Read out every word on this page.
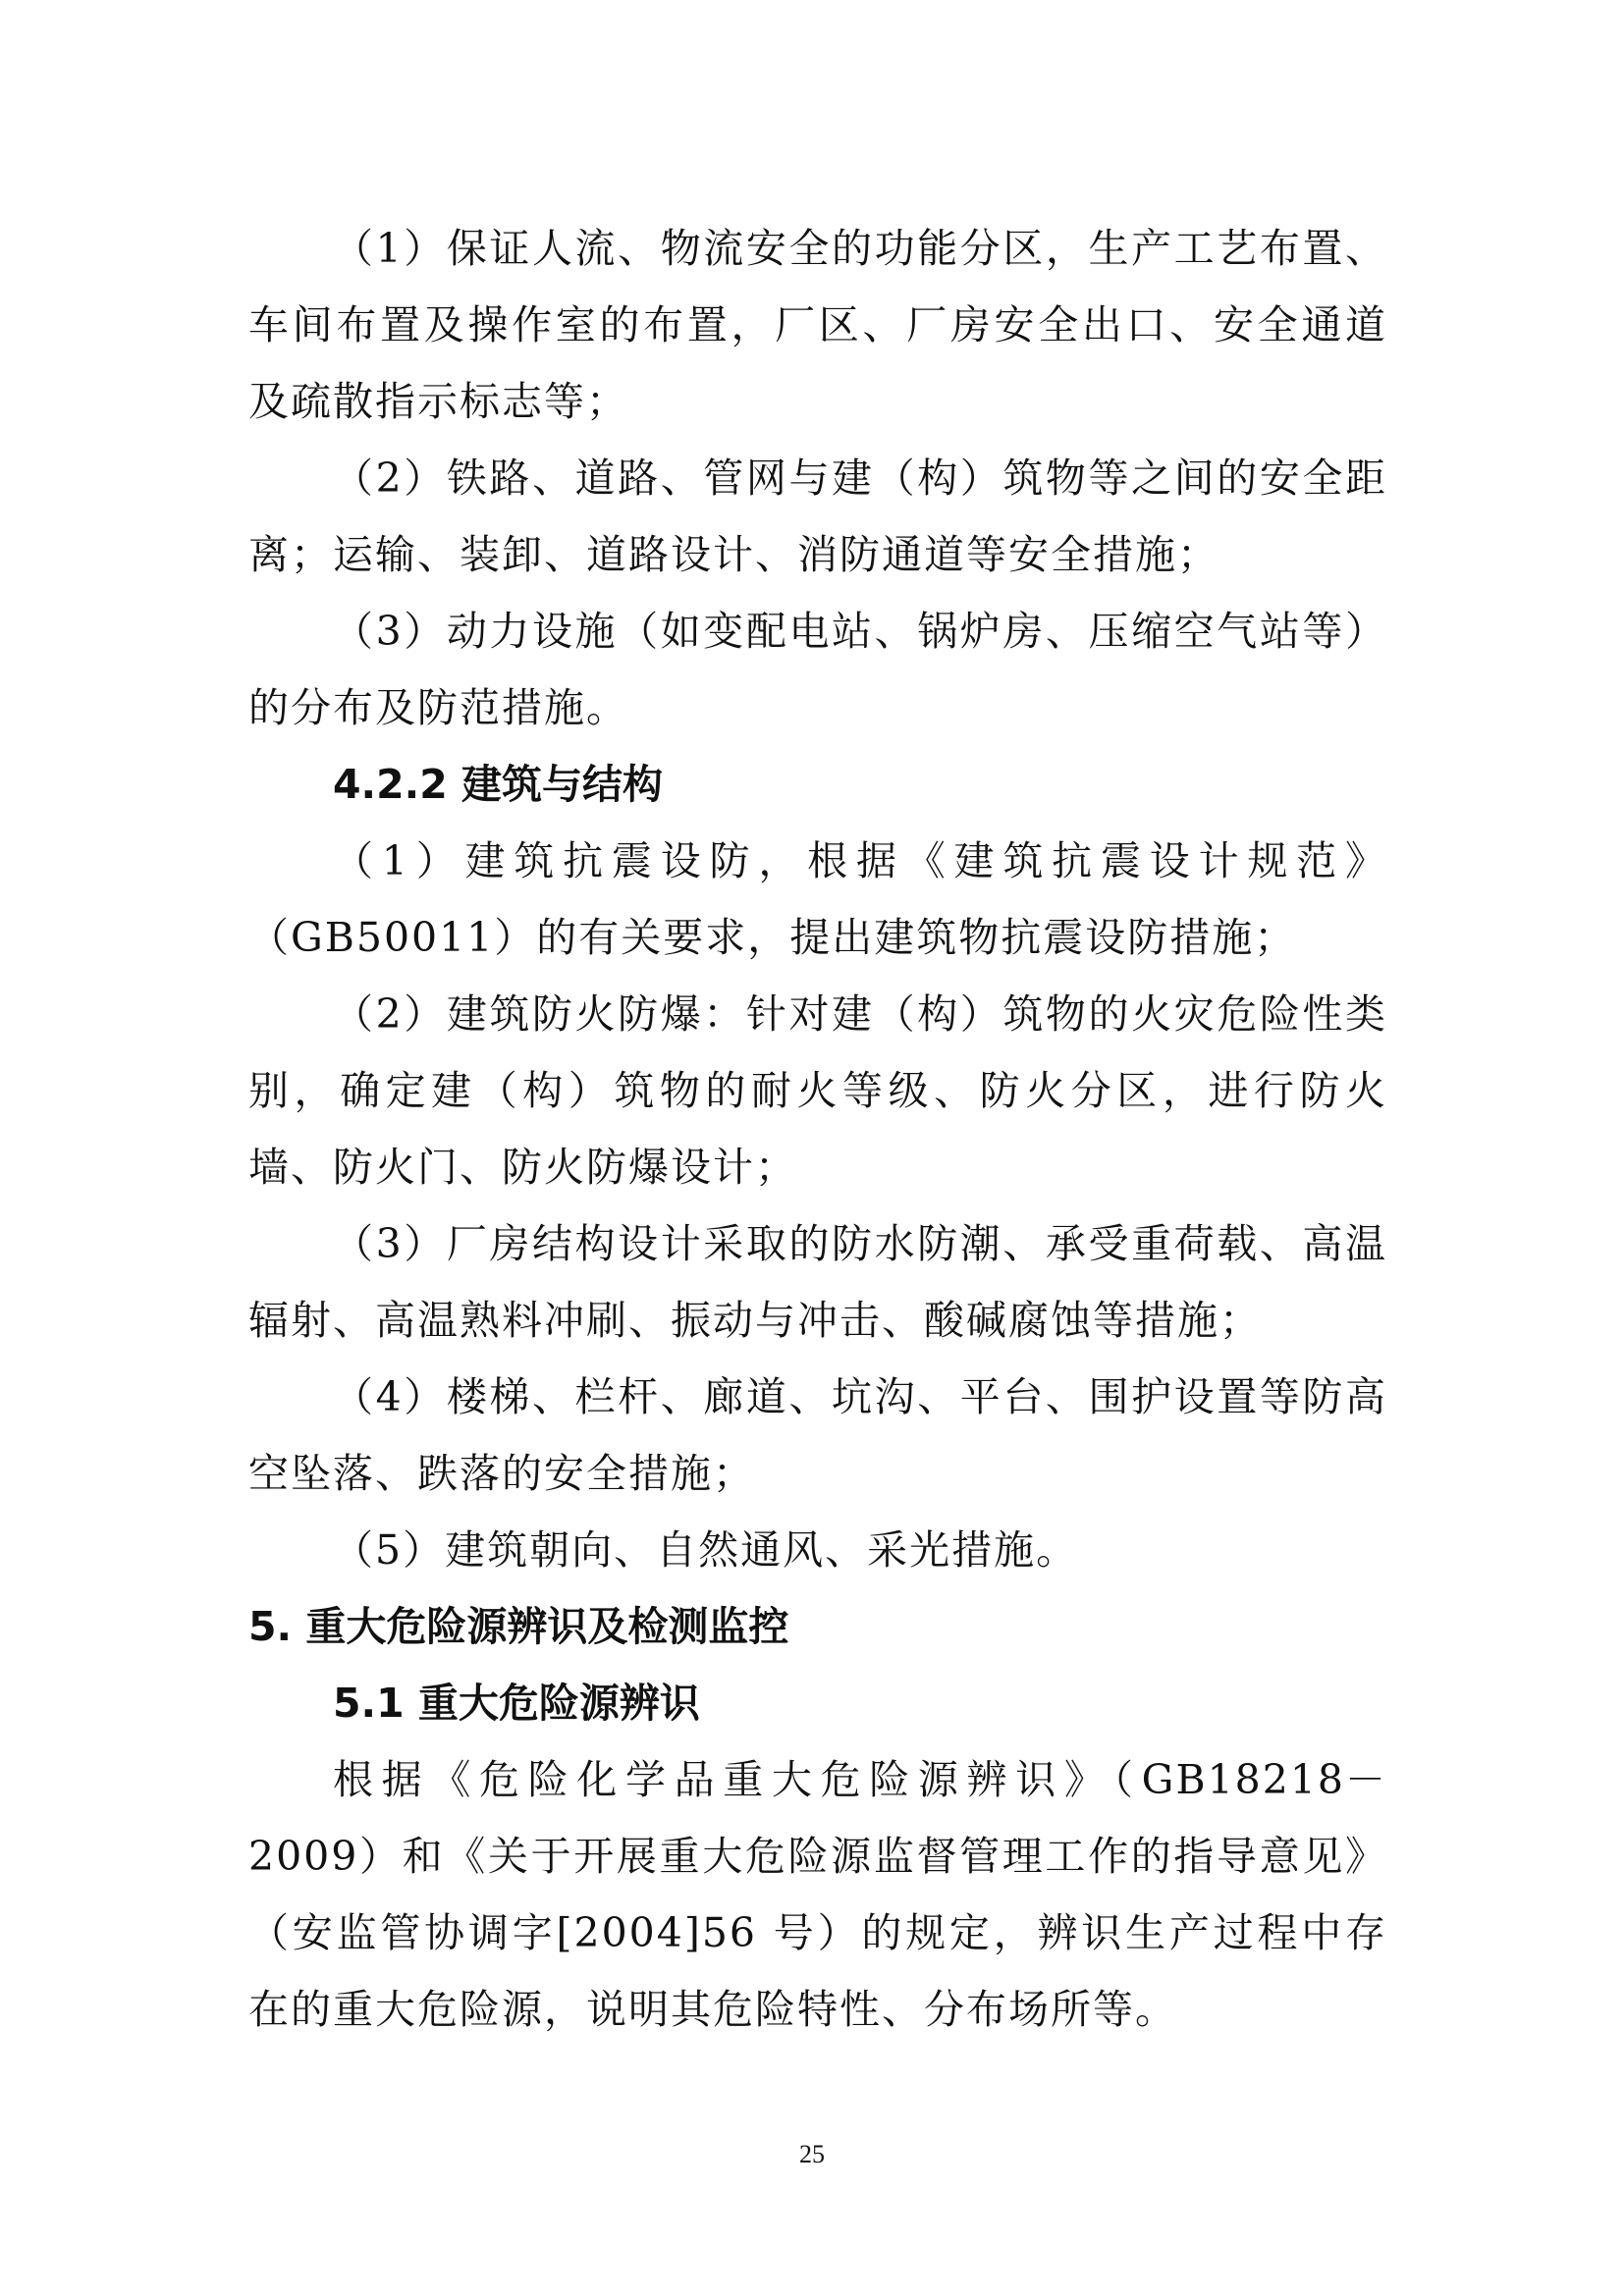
（1）保证人流、物流安全的功能分区，生产工艺布置、车间布置及操作室的布置，厂区、厂房安全出口、安全通道及疏散指示标志等；

（2）铁路、道路、管网与建（构）筑物等之间的安全距离；运输、装卸、道路设计、消防通道等安全措施；

（3）动力设施（如变配电站、锅炉房、压缩空气站等）的分布及防范措施。

4.2.2 建筑与结构

（1）建筑抗震设防，根据《建筑抗震设计规范》（GB50011）的有关要求，提出建筑物抗震设防措施；

（2）建筑防火防爆：针对建（构）筑物的火灾危险性类别，确定建（构）筑物的耐火等级、防火分区，进行防火墙、防火门、防火防爆设计；

（3）厂房结构设计采取的防水防潮、承受重荷载、高温辐射、高温熟料冲刷、振动与冲击、酸碱腐蚀等措施；

（4）楼梯、栏杆、廊道、坑沟、平台、围护设置等防高空坠落、跌落的安全措施；

（5）建筑朝向、自然通风、采光措施。

5. 重大危险源辨识及检测监控

5.1 重大危险源辨识

根据《危险化学品重大危险源辨识》（GB18218－2009）和《关于开展重大危险源监督管理工作的指导意见》（安监管协调字[2004]56 号）的规定，辨识生产过程中存在的重大危险源，说明其危险特性、分布场所等。

25
